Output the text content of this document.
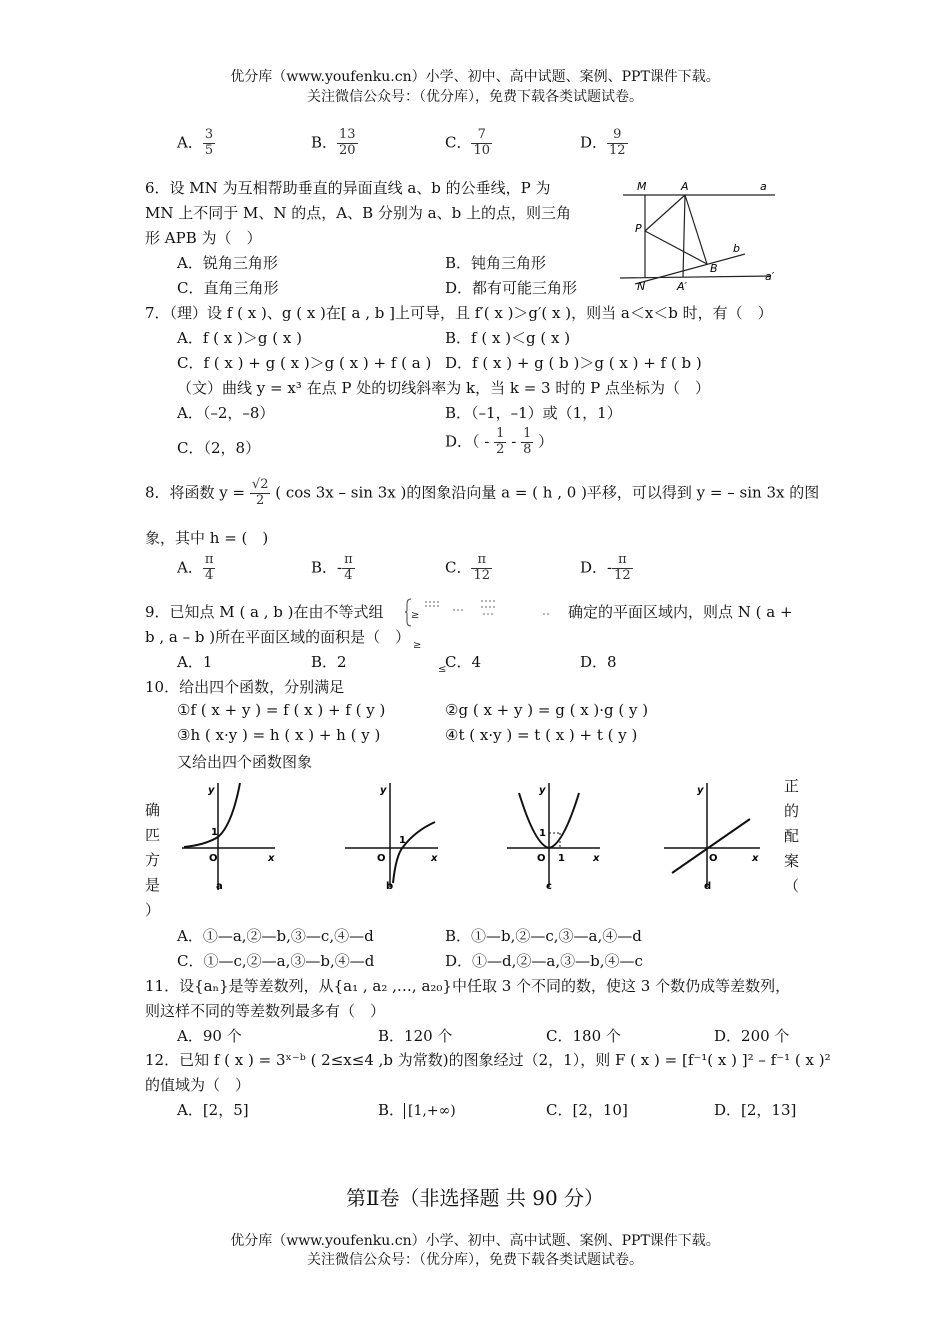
优分库（www.youfenku.cn）小学、初中、高中试题、案例、PPT课件下载。
关注微信公众号：（优分库），免费下载各类试题试卷。
A． $\frac{3}{5}$	B． $\frac{13}{20}$	C． $\frac{7}{10}$	D． $\frac{9}{12}$
6．设 MN 为互相帮助垂直的异面直线 a、b 的公垂线，P 为
MN 上不同于 M、N 的点，A、B 分别为 a、b 上的点，则三角
形 APB 为（　）
A．锐角三角形	B．钝角三角形
C．直角三角形	D．都有可能三角形
M	A	a
P
b
B
a′
N	A′
7．（理）设 f ( x )、g ( x )在[ a , b ]上可导，且 f′( x )＞g′( x )，则当 a＜x＜b 时，有（　）
A．f ( x )＞g ( x )	B．f ( x )＜g ( x )
C．f ( x ) + g ( x )＞g ( x ) + f ( a ) D．f ( x ) + g ( b )＞g ( x ) + f ( b )
（文）曲线 y = x³ 在点 P 处的切线斜率为 k，当 k = 3 时的 P 点坐标为（　）
A．（–2，–8）	B．（–1，–1）或（1，1）
C．（2，8）	D．（ - $\frac{1}{2} - \frac{1}{8}$ ）
8．将函数 $y = \frac{√2}{2}$ ( cos 3x – sin 3x )的图象沿向量 a = ( h , 0 )平移，可以得到 y = – sin 3x 的图
象，其中 h = (　)
A． $\frac{\pi}{4}$	B．- $\frac{\pi}{4}$	C． $\frac{\pi}{12}$	D．- $\frac{\pi}{12}$
9．已知点 M ( a , b )在由不等式组	≥
≥
≤
确定的平面区域内，则点 N ( a +
b , a – b )所在平面区域的面积是（　）
A．1	B．2	C．4	D．8
10．给出四个函数，分别满足
①f ( x + y ) = f ( x ) + f ( y )	②g ( x + y ) = g ( x )·g ( y )
③h ( x·y ) = h ( x ) + h ( y )	④t ( x·y ) = t ( x ) + t ( y )
又给出四个函数图象
确
匹
方
是
）
正
的
配
案
（
y
x
O
1
a
y
x
O
1
b
y
x
O
1
1
c
y
x
O
d
A．①—a,②—b,③—c,④—d	B．①—b,②—c,③—a,④—d
C．①—c,②—a,③—b,④—d	D．①—d,②—a,③—b,④—c
11．设{aₙ}是等差数列，从{a₁ , a₂ ,…, a₂₀}中任取 3 个不同的数，使这 3 个数仍成等差数列，
则这样不同的等差数列最多有（　）
A．90 个	B．120 个	C．180 个	D．200 个
12．已知 f ( x ) = 3ˣ⁻ᵇ ( 2≤x≤4 ,b 为常数)的图象经过（2，1），则 F ( x ) = [f⁻¹( x ) ]² – f⁻¹ ( x )²
的值域为（　）
A．[2，5]	B． [1,+∞)	C．[2，10]	D．[2，13]
第Ⅱ卷（非选择题 共 90 分）
优分库（www.youfenku.cn）小学、初中、高中试题、案例、PPT课件下载。
关注微信公众号：（优分库），免费下载各类试题试卷。
